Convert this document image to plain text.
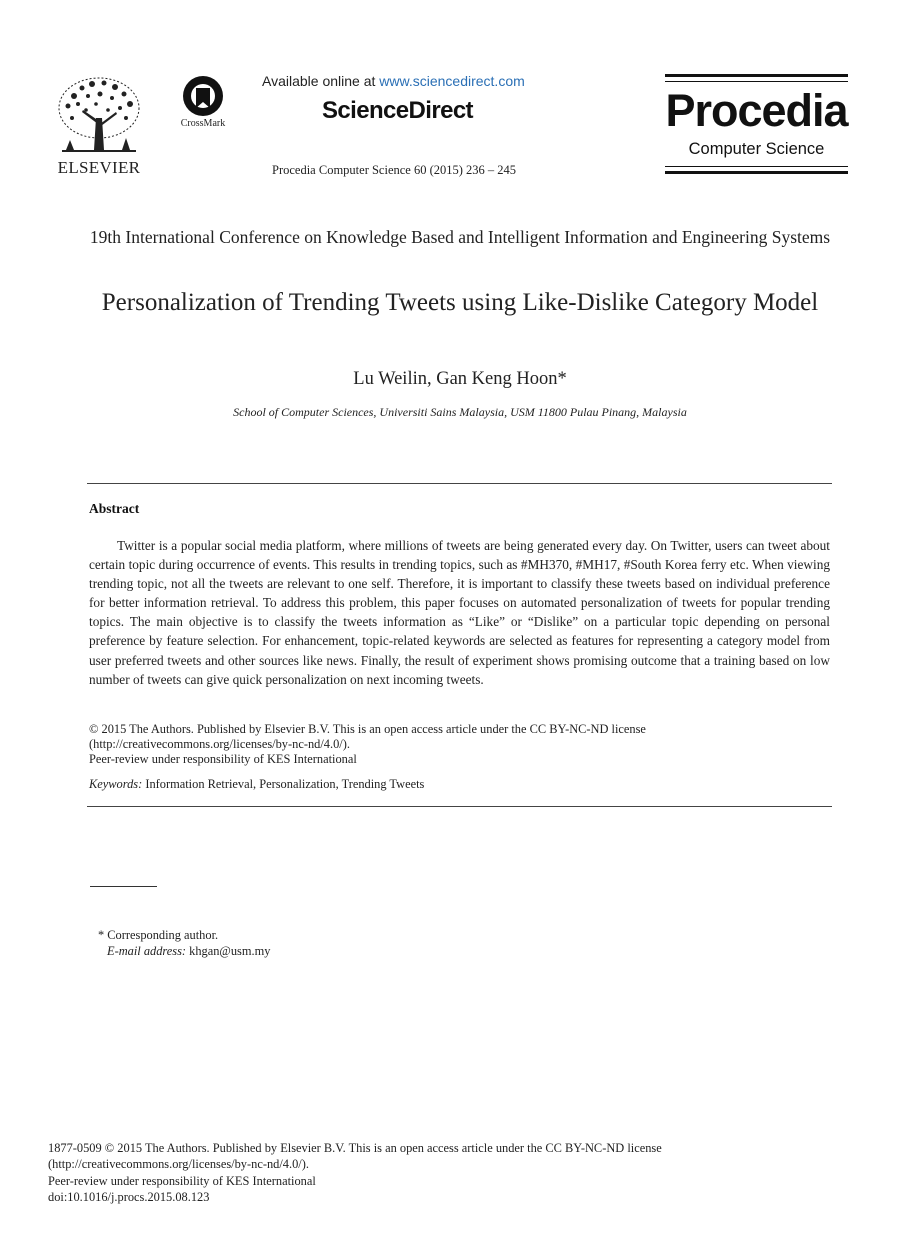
ELSEVIER
CrossMark
Available online at www.sciencedirect.com
ScienceDirect
Procedia Computer Science 60 (2015) 236 – 245
Procedia
Computer Science
19th International Conference on Knowledge Based and Intelligent Information and Engineering Systems
Personalization of Trending Tweets using Like-Dislike Category Model
Lu Weilin, Gan Keng Hoon*
School of Computer Sciences, Universiti Sains Malaysia, USM 11800 Pulau Pinang, Malaysia
Abstract
Twitter is a popular social media platform, where millions of tweets are being generated every day. On Twitter, users can tweet about certain topic during occurrence of events. This results in trending topics, such as #MH370, #MH17, #South Korea ferry etc. When viewing trending topic, not all the tweets are relevant to one self. Therefore, it is important to classify these tweets based on individual preference for better information retrieval. To address this problem, this paper focuses on automated personalization of tweets for popular trending topics. The main objective is to classify the tweets information as “Like” or “Dislike” on a particular topic depending on personal preference by feature selection. For enhancement, topic-related keywords are selected as features for representing a category model from user preferred tweets and other sources like news. Finally, the result of experiment shows promising outcome that a training based on low number of tweets can give quick personalization on next incoming tweets.
© 2015 The Authors. Published by Elsevier B.V. This is an open access article under the CC BY-NC-ND license
(http://creativecommons.org/licenses/by-nc-nd/4.0/).
Peer-review under responsibility of KES International
Keywords: Information Retrieval, Personalization, Trending Tweets
* Corresponding author.
E-mail address: khgan@usm.my
1877-0509 © 2015 The Authors. Published by Elsevier B.V. This is an open access article under the CC BY-NC-ND license
(http://creativecommons.org/licenses/by-nc-nd/4.0/).
Peer-review under responsibility of KES International
doi:10.1016/j.procs.2015.08.123
